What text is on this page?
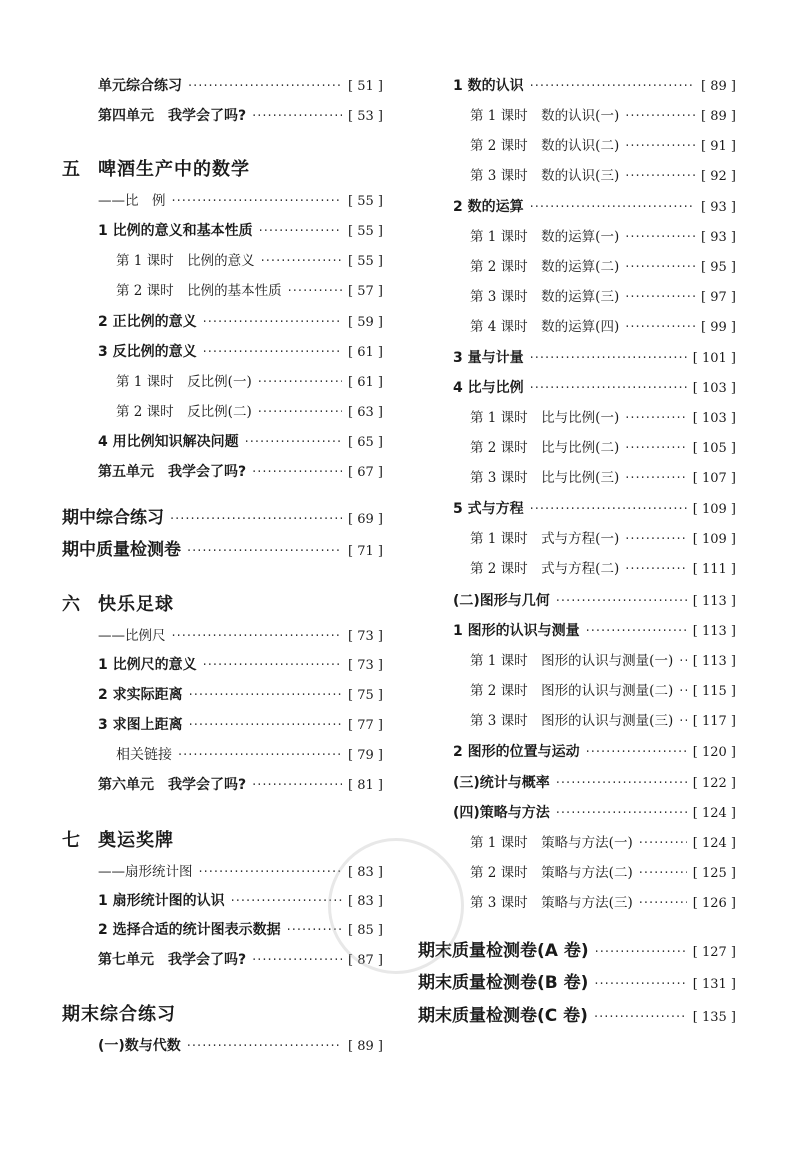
单元综合练习 ·····	[ 51 ]
第四单元　我学会了吗? ·····	[ 53 ]
五 啤酒生产中的数学
——比　例 ·····	[ 55 ]
1 比例的意义和基本性质 ·····	[ 55 ]
第 1 课时　比例的意义 ·····	[ 55 ]
第 2 课时　比例的基本性质 ·····	[ 57 ]
2 正比例的意义 ·····	[ 59 ]
3 反比例的意义 ·····	[ 61 ]
第 1 课时　反比例(一) ·····	[ 61 ]
第 2 课时　反比例(二) ·····	[ 63 ]
4 用比例知识解决问题 ·····	[ 65 ]
第五单元　我学会了吗? ·····	[ 67 ]
期中综合练习 ·····	[ 69 ]
期中质量检测卷 ·····	[ 71 ]
六 快乐足球
——比例尺 ·····	[ 73 ]
1 比例尺的意义 ·····	[ 73 ]
2 求实际距离 ·····	[ 75 ]
3 求图上距离 ·····	[ 77 ]
相关链接 ·····	[ 79 ]
第六单元　我学会了吗? ·····	[ 81 ]
七 奥运奖牌
——扇形统计图 ·····	[ 83 ]
1 扇形统计图的认识 ·····	[ 83 ]
2 选择合适的统计图表示数据 ·····	[ 85 ]
第七单元　我学会了吗? ·····	[ 87 ]
期末综合练习
(一)数与代数 ·····	[ 89 ]
1 数的认识 ·····	[ 89 ]
第 1 课时　数的认识(一) ·····	[ 89 ]
第 2 课时　数的认识(二) ·····	[ 91 ]
第 3 课时　数的认识(三) ·····	[ 92 ]
2 数的运算 ·····	[ 93 ]
第 1 课时　数的运算(一) ·····	[ 93 ]
第 2 课时　数的运算(二) ·····	[ 95 ]
第 3 课时　数的运算(三) ·····	[ 97 ]
第 4 课时　数的运算(四) ·····	[ 99 ]
3 量与计量 ·····	[ 101 ]
4 比与比例 ·····	[ 103 ]
第 1 课时　比与比例(一) ·····	[ 103 ]
第 2 课时　比与比例(二) ·····	[ 105 ]
第 3 课时　比与比例(三) ·····	[ 107 ]
5 式与方程 ·····	[ 109 ]
第 1 课时　式与方程(一) ·····	[ 109 ]
第 2 课时　式与方程(二) ·····	[ 111 ]
(二)图形与几何 ·····	[ 113 ]
1 图形的认识与测量 ·····	[ 113 ]
第 1 课时　图形的认识与测量(一) ····· [ 113 ]
第 2 课时　图形的认识与测量(二) ····· [ 115 ]
第 3 课时　图形的认识与测量(三) ····· [ 117 ]
2 图形的位置与运动 ·····	[ 120 ]
(三)统计与概率 ·····	[ 122 ]
(四)策略与方法 ·····	[ 124 ]
第 1 课时　策略与方法(一) ·····	[ 124 ]
第 2 课时　策略与方法(二) ·····	[ 125 ]
第 3 课时　策略与方法(三) ·····	[ 126 ]
期末质量检测卷(A 卷) ·····	[ 127 ]
期末质量检测卷(B 卷) ·····	[ 131 ]
期末质量检测卷(C 卷) ·····	[ 135 ]
